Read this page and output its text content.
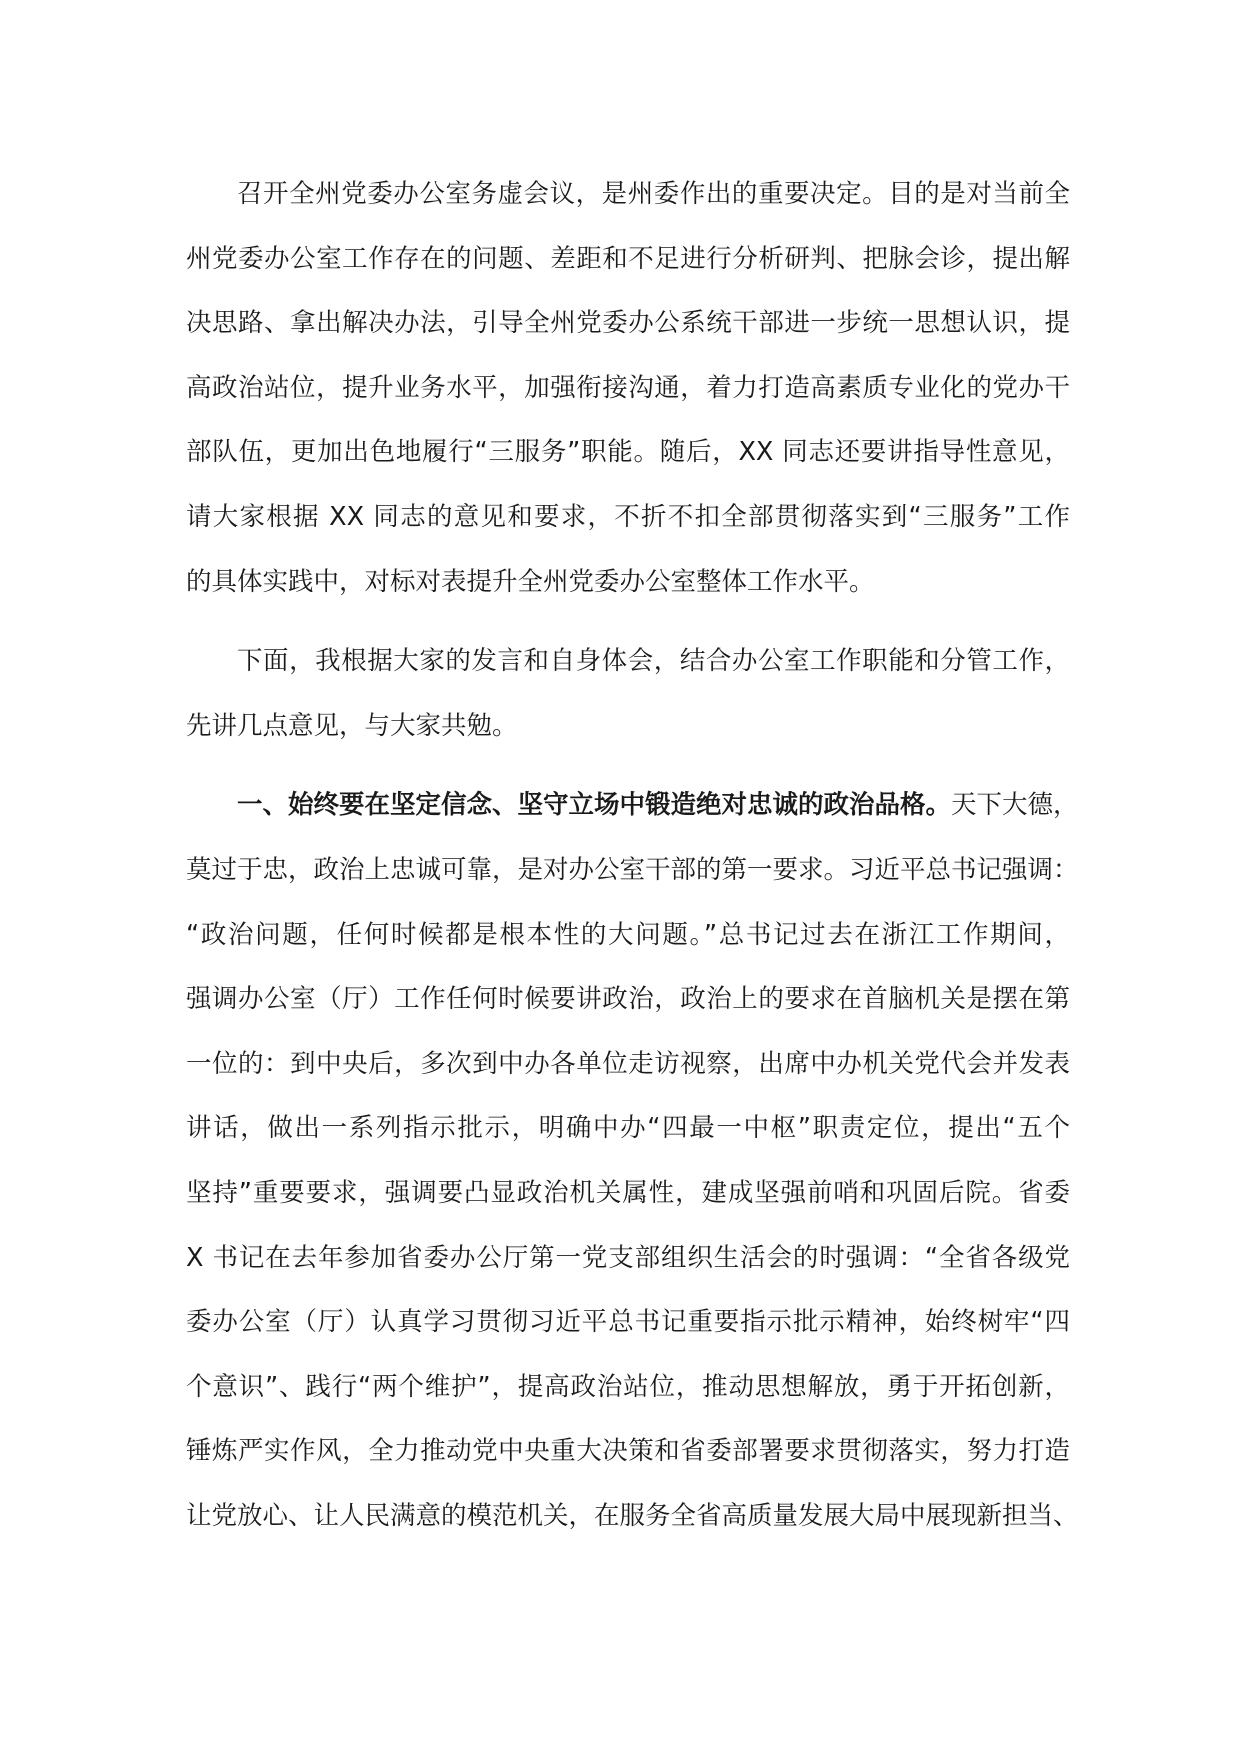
召开全州党委办公室务虚会议，是州委作出的重要决定。目的是对当前全
州党委办公室工作存在的问题、差距和不足进行分析研判、把脉会诊，提出解
决思路、拿出解决办法，引导全州党委办公系统干部进一步统一思想认识，提
高政治站位，提升业务水平，加强衔接沟通，着力打造高素质专业化的党办干
部队伍，更加出色地履行“三服务”职能。随后，XX 同志还要讲指导性意见，
请大家根据 XX 同志的意见和要求，不折不扣全部贯彻落实到“三服务”工作
的具体实践中，对标对表提升全州党委办公室整体工作水平。
下面，我根据大家的发言和自身体会，结合办公室工作职能和分管工作，
先讲几点意见，与大家共勉。
一、始终要在坚定信念、坚守立场中锻造绝对忠诚的政治品格。天下大德，
莫过于忠，政治上忠诚可靠，是对办公室干部的第一要求。习近平总书记强调：
“政治问题，任何时候都是根本性的大问题。”总书记过去在浙江工作期间，
强调办公室（厅）工作任何时候要讲政治，政治上的要求在首脑机关是摆在第
一位的：到中央后，多次到中办各单位走访视察，出席中办机关党代会并发表
讲话，做出一系列指示批示，明确中办“四最一中枢”职责定位，提出“五个
坚持”重要要求，强调要凸显政治机关属性，建成坚强前哨和巩固后院。省委
X 书记在去年参加省委办公厅第一党支部组织生活会的时强调：“全省各级党
委办公室（厅）认真学习贯彻习近平总书记重要指示批示精神，始终树牢“四
个意识”、践行“两个维护”，提高政治站位，推动思想解放，勇于开拓创新，
锤炼严实作风，全力推动党中央重大决策和省委部署要求贯彻落实，努力打造
让党放心、让人民满意的模范机关，在服务全省高质量发展大局中展现新担当、
